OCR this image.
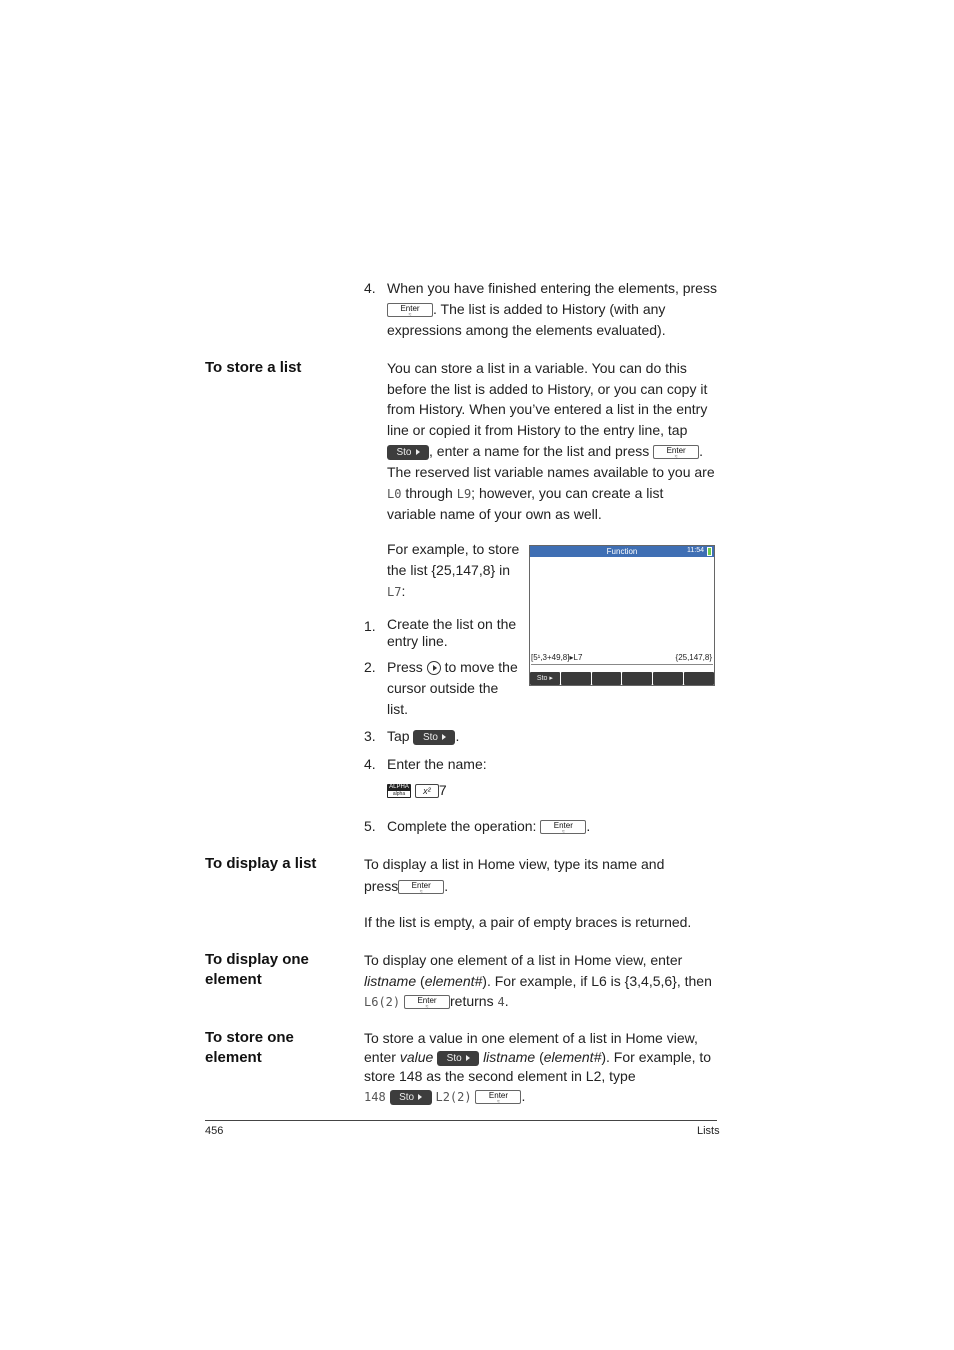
4. When you have finished entering the elements, press
Enter
≈	. The list is added to History (with any
expressions among the elements evaluated).
To store a list	You can store a list in a variable. You can do this
before the list is added to History, or you can copy it
from History. When you’ve entered a list in the entry
line or copied it from History to the entry line, tap
Sto , enter a name for the list and press Enter
≈	.
The reserved list variable names available to you are
L0 through L9; however, you can create a list
variable name of your own as well.
For example, to store
the list {25,147,8} in
L7:
1. Create the list on the
entry line.
2. Press to move the
cursor outside the
list.
3. Tap Sto .
4. Enter the name:
ALPHA
alpha	x² 7
5. Complete the operation: Enter
≈	.
Function	11:54
[5¹,3+49,8]▸L7	{25,147,8}
Sto ▸
To display a list	To display a list in Home view, type its name and
press Enter
≈	.
If the list is empty, a pair of empty braces is returned.
To display one
element
To display one element of a list in Home view, enter
listname (element#). For example, if L6 is {3,4,5,6}, then
L6(2) Enter
≈	returns 4.
To store one
element
To store a value in one element of a list in Home view,
enter value Sto listname (element#). For example, to
store 148 as the second element in L2, type
148 Sto L2(2) Enter
≈	.
456	Lists
